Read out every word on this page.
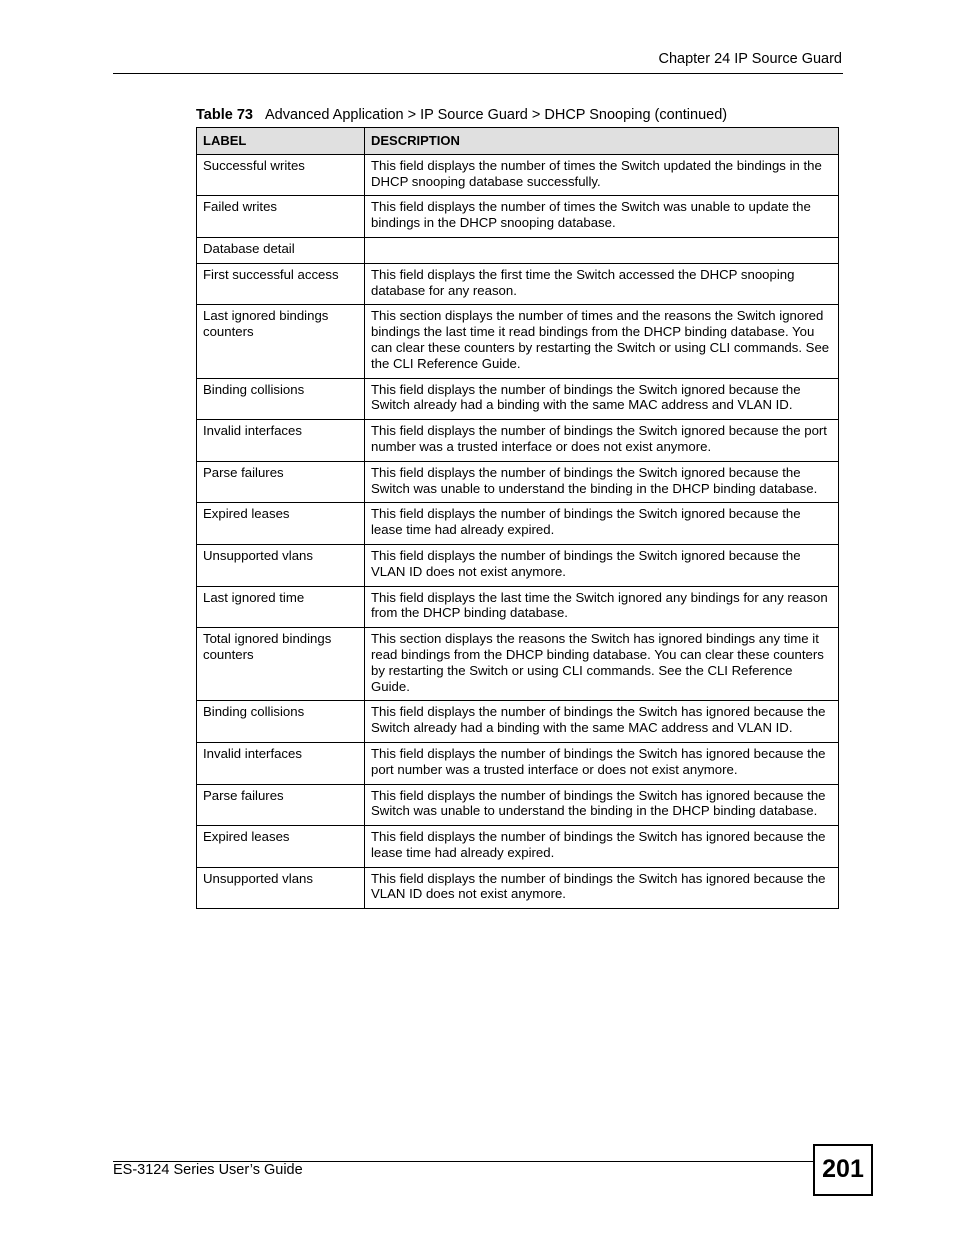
Chapter 24 IP Source Guard
Table 73 Advanced Application > IP Source Guard > DHCP Snooping (continued)
LABEL	DESCRIPTION
Successful writes	This field displays the number of times the Switch updated the bindings in the DHCP snooping database successfully.
Failed writes	This field displays the number of times the Switch was unable to update the bindings in the DHCP snooping database.
Database detail	
First successful access	This field displays the first time the Switch accessed the DHCP snooping database for any reason.
Last ignored bindings counters	This section displays the number of times and the reasons the Switch ignored bindings the last time it read bindings from the DHCP binding database. You can clear these counters by restarting the Switch or using CLI commands. See the CLI Reference Guide.
Binding collisions	This field displays the number of bindings the Switch ignored because the Switch already had a binding with the same MAC address and VLAN ID.
Invalid interfaces	This field displays the number of bindings the Switch ignored because the port number was a trusted interface or does not exist anymore.
Parse failures	This field displays the number of bindings the Switch ignored because the Switch was unable to understand the binding in the DHCP binding database.
Expired leases	This field displays the number of bindings the Switch ignored because the lease time had already expired.
Unsupported vlans	This field displays the number of bindings the Switch ignored because the VLAN ID does not exist anymore.
Last ignored time	This field displays the last time the Switch ignored any bindings for any reason from the DHCP binding database.
Total ignored bindings counters	This section displays the reasons the Switch has ignored bindings any time it read bindings from the DHCP binding database. You can clear these counters by restarting the Switch or using CLI commands. See the CLI Reference Guide.
Binding collisions	This field displays the number of bindings the Switch has ignored because the Switch already had a binding with the same MAC address and VLAN ID.
Invalid interfaces	This field displays the number of bindings the Switch has ignored because the port number was a trusted interface or does not exist anymore.
Parse failures	This field displays the number of bindings the Switch has ignored because the Switch was unable to understand the binding in the DHCP binding database.
Expired leases	This field displays the number of bindings the Switch has ignored because the lease time had already expired.
Unsupported vlans	This field displays the number of bindings the Switch has ignored because the VLAN ID does not exist anymore.
ES-3124 Series User’s Guide	201
